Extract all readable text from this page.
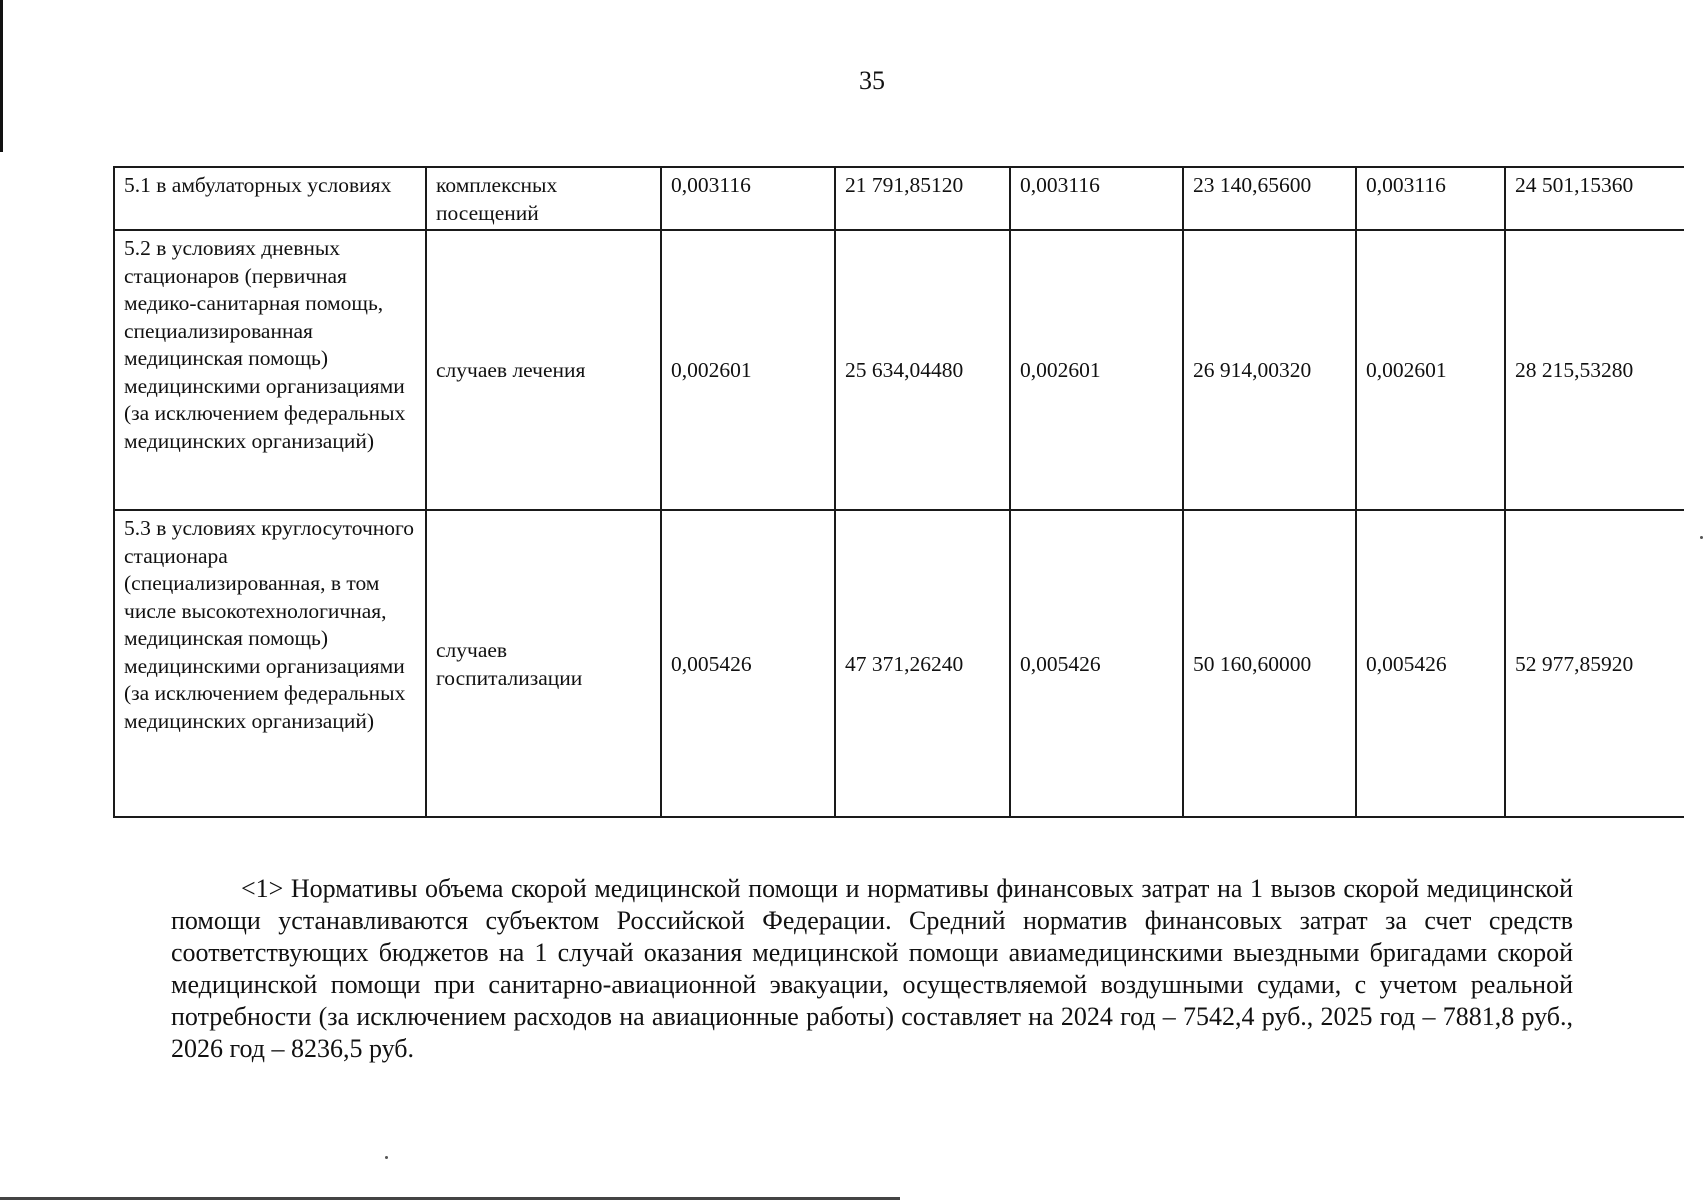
35
5.1 в амбулаторных условиях	комплексных посещений	0,003116	21 791,85120	0,003116	23 140,65600	0,003116	24 501,15360
5.2 в условиях дневных стационаров (первичная медико-санитарная помощь, специализированная медицинская помощь) медицинскими организациями (за исключением федеральных медицинских организаций)	случаев лечения	0,002601	25 634,04480	0,002601	26 914,00320	0,002601	28 215,53280
5.3 в условиях круглосуточного стационара (специализированная, в том числе высокотехнологичная, медицинская помощь) медицинскими организациями (за исключением федеральных медицинских организаций)	случаев госпитализации	0,005426	47 371,26240	0,005426	50 160,60000	0,005426	52 977,85920

<1> Нормативы объема скорой медицинской помощи и нормативы финансовых затрат на 1 вызов скорой медицинской помощи устанавливаются субъектом Российской Федерации. Средний норматив финансовых затрат за счет средств соответствующих бюджетов на 1 случай оказания медицинской помощи авиамедицинскими выездными бригадами скорой медицинской помощи при санитарно-авиационной эвакуации, осуществляемой воздушными судами, с учетом реальной потребности (за исключением расходов на авиационные работы) составляет на 2024 год – 7542,4 руб., 2025 год – 7881,8 руб., 2026 год – 8236,5 руб.
